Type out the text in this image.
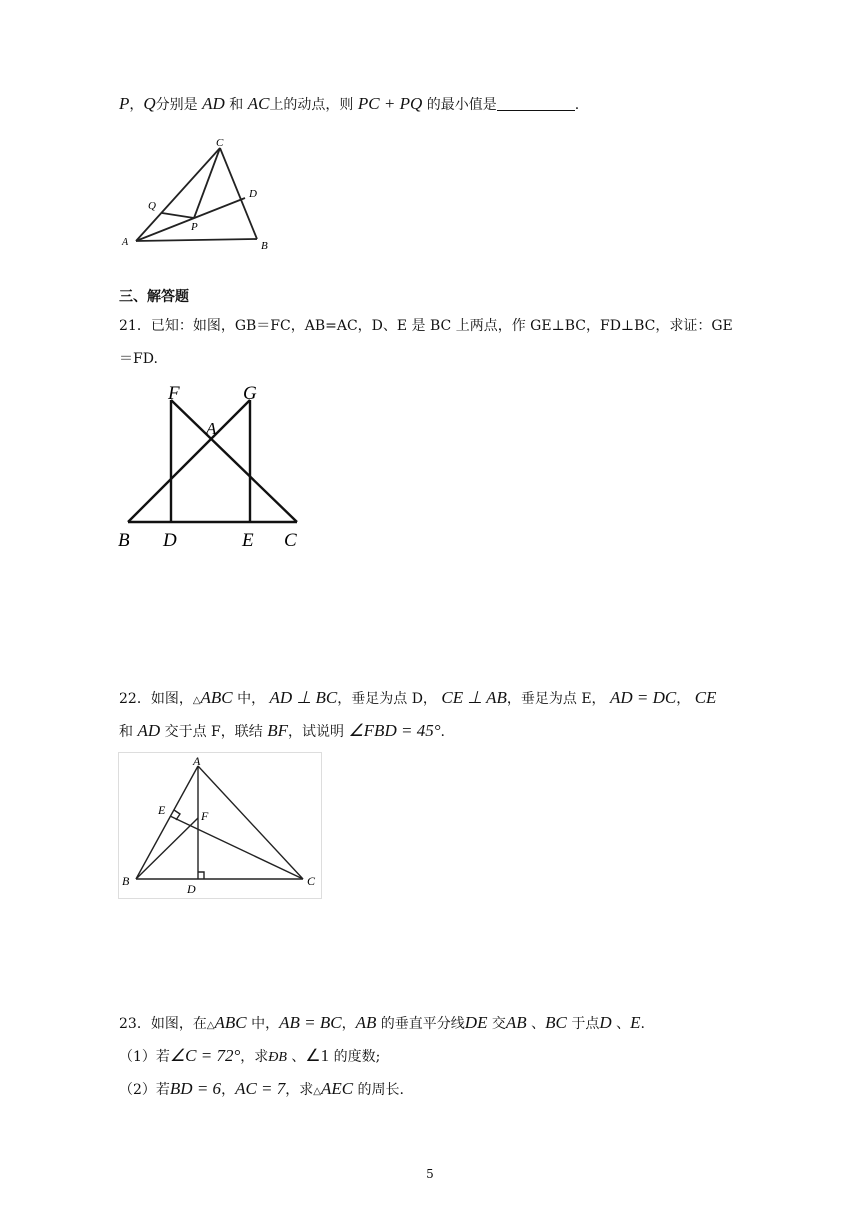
P，Q分别是 AD 和 AC上的动点，则 PC + PQ 的最小值是	.
C
Q
D
P
A	B
三、解答题
21．已知：如图，GB＝FC，AB=AC，D、E 是 BC 上两点，作 GE⊥BC，FD⊥BC，求证：GE
＝FD.
F	G
A
B D	E C
22．如图，△ABC 中， AD ⊥ BC，垂足为点 D， CE ⊥ AB，垂足为点 E， AD = DC， CE
和 AD 交于点 F，联结 BF，试说明 ∠FBD = 45°.
A
E	F
B
D
C
23．如图，在△ABC 中，AB = BC，AB 的垂直平分线DE 交AB 、BC 于点D 、E.
（1）若∠C = 72°，求ÐB 、∠1 的度数;
（2）若BD = 6，AC = 7，求△AEC 的周长.
5
